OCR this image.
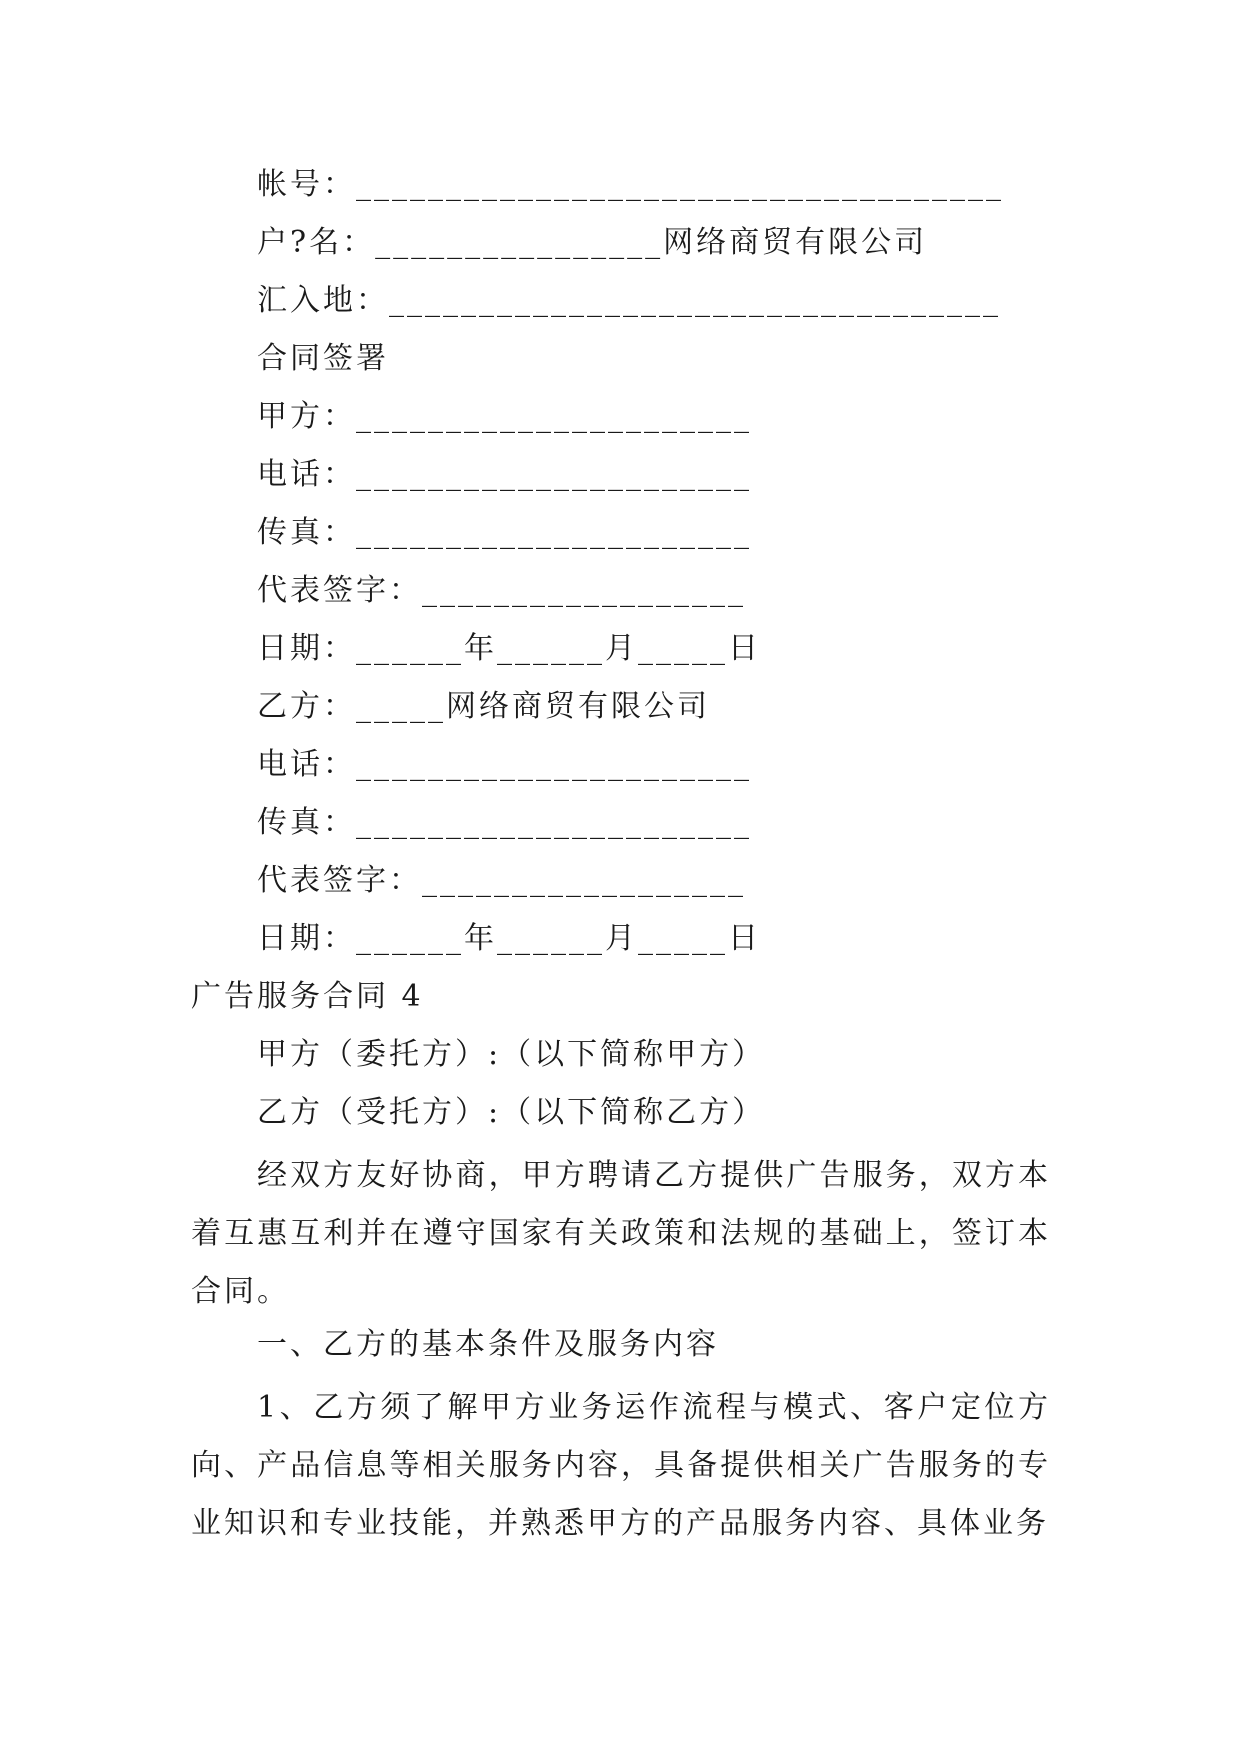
帐号：____________________________________
户?名：________________网络商贸有限公司
汇入地：__________________________________
合同签署
甲方：______________________
电话：______________________
传真：______________________
代表签字：__________________
日期：______年______月_____日
乙方：_____网络商贸有限公司
电话：______________________
传真：______________________
代表签字：__________________
日期：______年______月_____日
广告服务合同 4
甲方（委托方）:（以下简称甲方）
乙方（受托方）:（以下简称乙方）
经双方友好协商，甲方聘请乙方提供广告服务，双方本着互惠互利并在遵守国家有关政策和法规的基础上，签订本合同。
一、乙方的基本条件及服务内容
1、乙方须了解甲方业务运作流程与模式、客户定位方向、产品信息等相关服务内容，具备提供相关广告服务的专业知识和专业技能，并熟悉甲方的产品服务内容、具体业务
